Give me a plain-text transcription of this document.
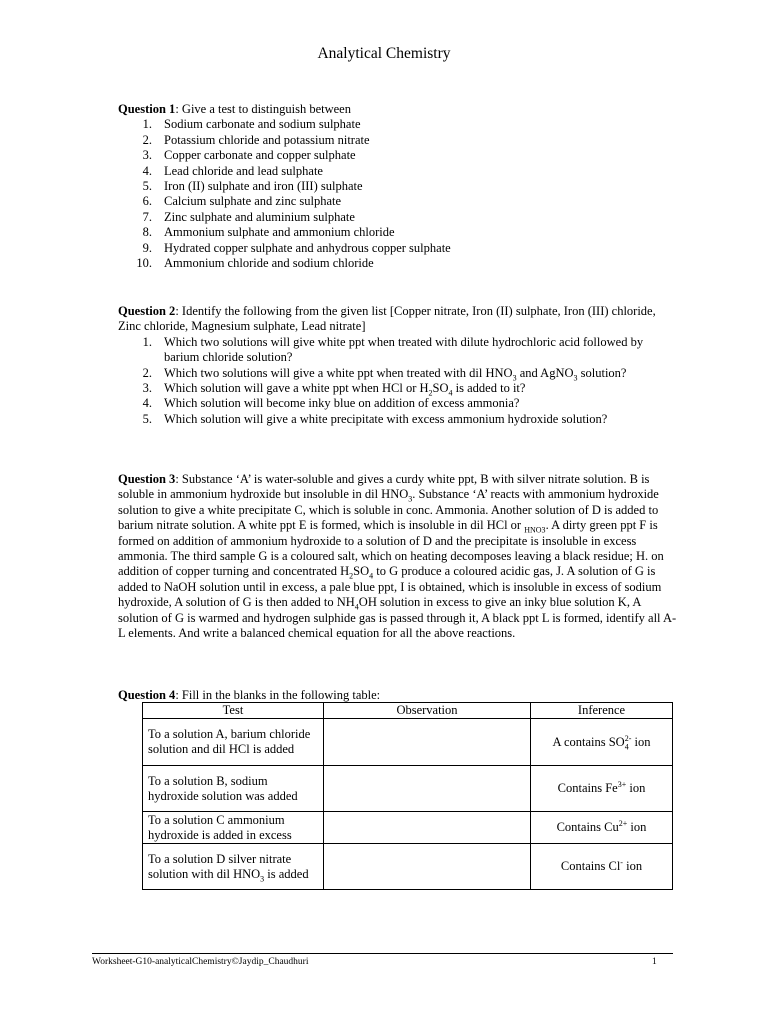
Analytical Chemistry

Question 1: Give a test to distinguish between

1. Sodium carbonate and sodium sulphate
2. Potassium chloride and potassium nitrate
3. Copper carbonate and copper sulphate
4. Lead chloride and lead sulphate
5. Iron (II) sulphate and iron (III) sulphate
6. Calcium sulphate and zinc sulphate
7. Zinc sulphate and aluminium sulphate
8. Ammonium sulphate and ammonium chloride
9. Hydrated copper sulphate and anhydrous copper sulphate
10. Ammonium chloride and sodium chloride

Question 2: Identify the following from the given list [Copper nitrate, Iron (II) sulphate, Iron (III) chloride, Zinc chloride, Magnesium sulphate, Lead nitrate]

1. Which two solutions will give white ppt when treated with dilute hydrochloric acid followed by barium chloride solution?
2. Which two solutions will give a white ppt when treated with dil $HNO_3$ and AgNO$_3$ solution?
3. Which solution will gave a white ppt when HCl or $H_2SO_4$ is added to it?
4. Which solution will become inky blue on addition of excess ammonia?
5. Which solution will give a white precipitate with excess ammonium hydroxide solution?

Question 3: Substance ‘A’ is water-soluble and gives a curdy white ppt, B with silver nitrate solution. B is soluble in ammonium hydroxide but insoluble in dil $HNO_3$. Substance ‘A’ reacts with ammonium hydroxide solution to give a white precipitate C, which is soluble in conc. Ammonia. Another solution of D is added to barium nitrate solution. A white ppt E is formed, which is insoluble in dil HCl or $_{HNO3}$. A dirty green ppt F is formed on addition of ammonium hydroxide to a solution of D and the precipitate is insoluble in excess ammonia. The third sample G is a coloured salt, which on heating decomposes leaving a black residue; H. on addition of copper turning and concentrated $H_2SO_4$ to G produce a coloured acidic gas, J. A solution of G is added to NaOH solution until in excess, a pale blue ppt, I is obtained, which is insoluble in excess of sodium hydroxide, A solution of G is then added to $NH_4OH$ solution in excess to give an inky blue solution K, A solution of G is warmed and hydrogen sulphide gas is passed through it, A black ppt L is formed, identify all A-L elements. And write a balanced chemical equation for all the above reactions.

Question 4: Fill in the blanks in the following table:

Test	Observation	Inference
To a solution A, barium chloride solution and dil HCl is added		A contains $SO_4^{2-}$ ion
To a solution B, sodium hydroxide solution was added		Contains $Fe^{3+}$ ion
To a solution C ammonium hydroxide is added in excess		Contains $Cu^{2+}$ ion
To a solution D silver nitrate solution with dil $HNO_3$ is added		Contains Cl- ion
Worksheet-G10-analyticalChemistry©Jaydip_Chaudhuri	1
